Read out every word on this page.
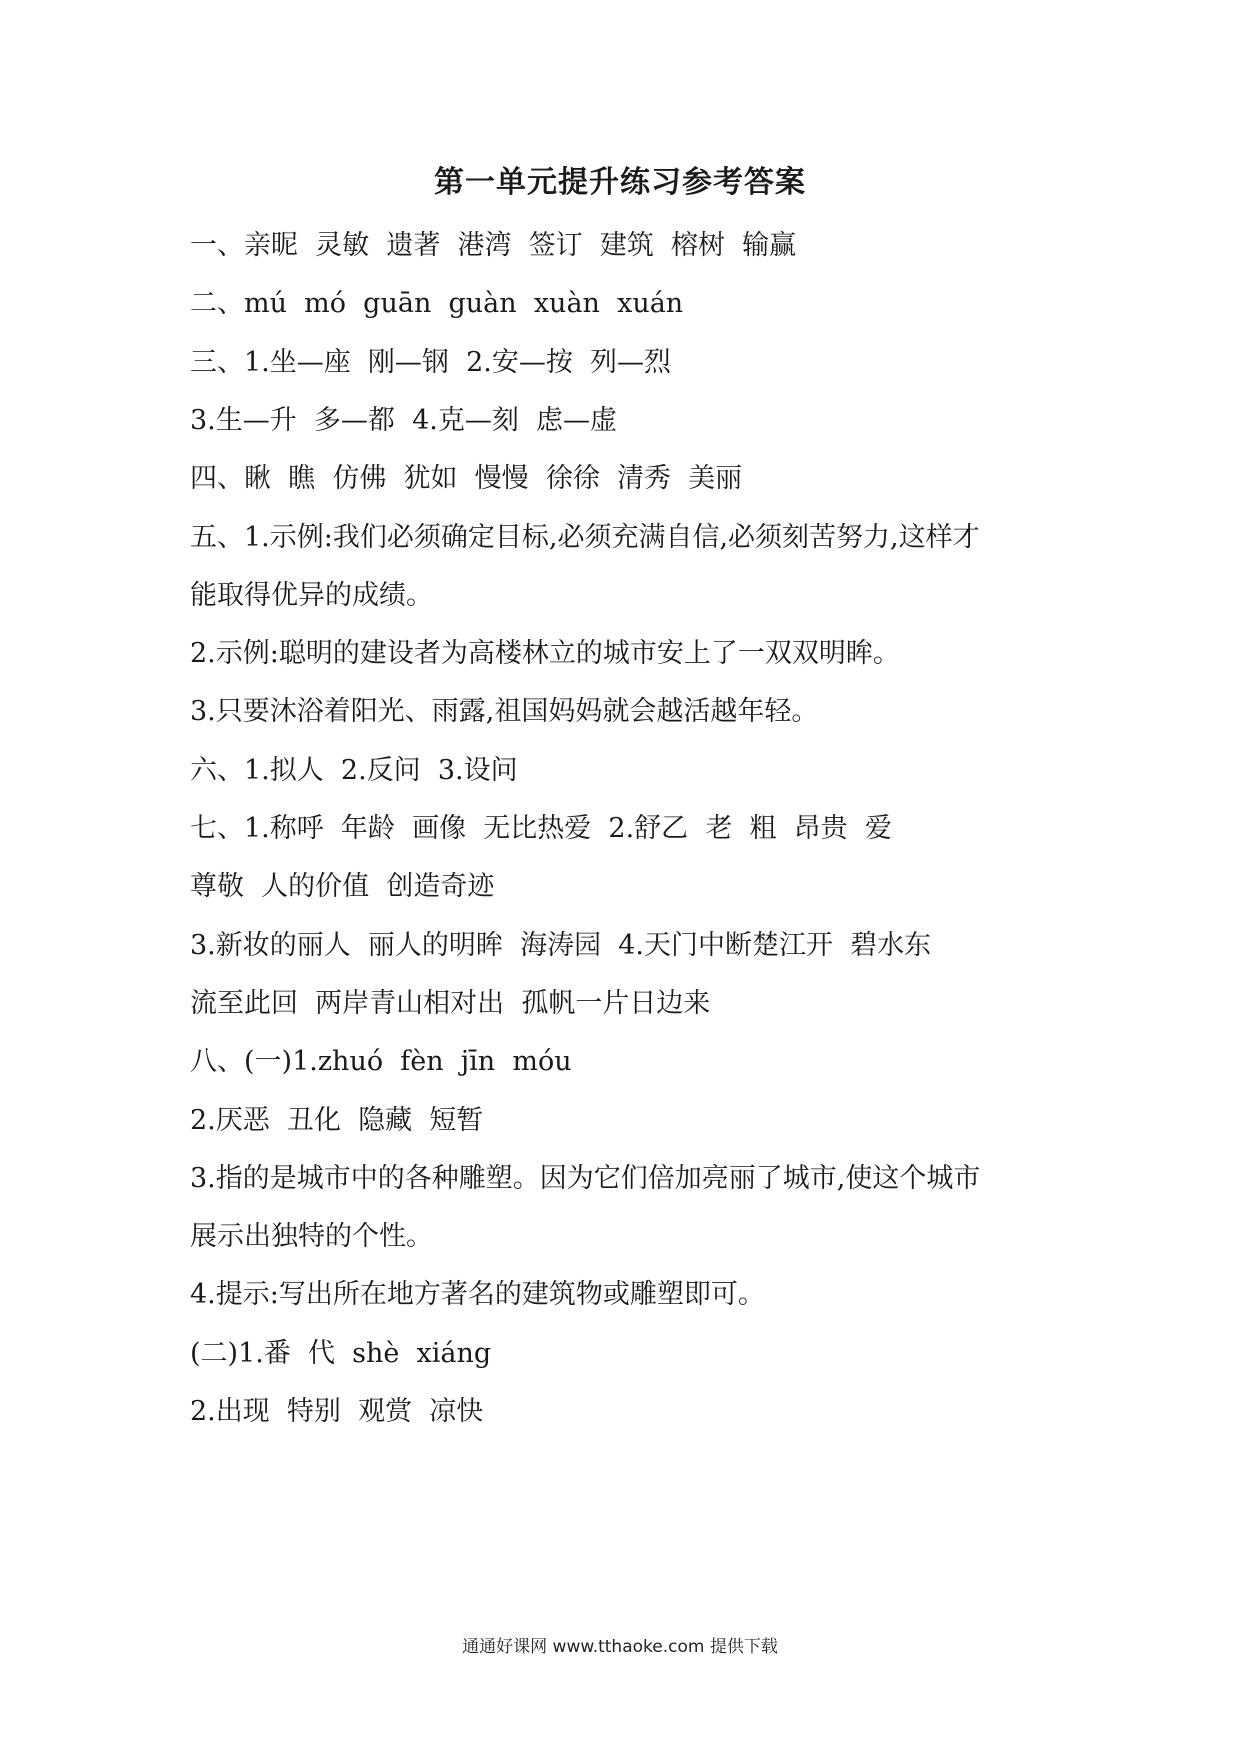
第一单元提升练习参考答案
一、亲昵  灵敏  遗著  港湾  签订  建筑  榕树  输赢
二、mú  mó  guān  guàn  xuàn  xuán
三、1.坐—座  刚—钢  2.安—按  列—烈
3.生—升  多—都  4.克—刻  虑—虚
四、瞅  瞧  仿佛  犹如  慢慢  徐徐  清秀  美丽
五、1.示例:我们必须确定目标,必须充满自信,必须刻苦努力,这样才
能取得优异的成绩。
2.示例:聪明的建设者为高楼林立的城市安上了一双双明眸。
3.只要沐浴着阳光、雨露,祖国妈妈就会越活越年轻。
六、1.拟人  2.反问  3.设问
七、1.称呼  年龄  画像  无比热爱  2.舒乙  老  粗  昂贵  爱
尊敬  人的价值  创造奇迹
3.新妆的丽人  丽人的明眸  海涛园  4.天门中断楚江开  碧水东
流至此回  两岸青山相对出  孤帆一片日边来
八、(一)1.zhuó  fèn  jīn  móu
2.厌恶  丑化  隐藏  短暂
3.指的是城市中的各种雕塑。因为它们倍加亮丽了城市,使这个城市
展示出独特的个性。
4.提示:写出所在地方著名的建筑物或雕塑即可。
(二)1.番  代  shè  xiáng
2.出现  特别  观赏  凉快
通通好课网 www.tthaoke.com 提供下载
